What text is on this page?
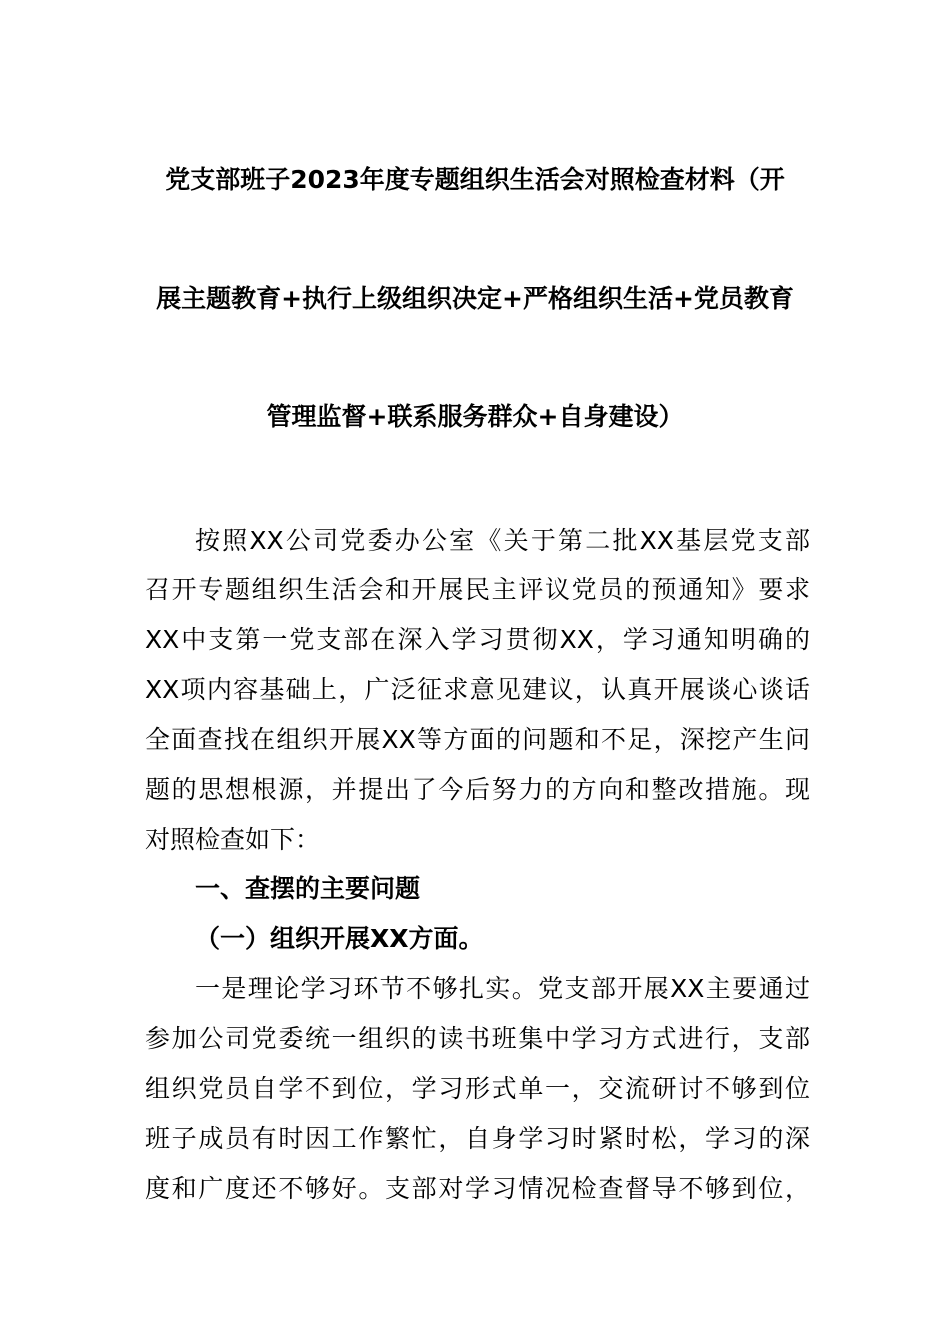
党支部班子2023年度专题组织生活会对照检查材料（开
展主题教育+执行上级组织决定+严格组织生活+党员教育
管理监督+联系服务群众+自身建设）
按照XX公司党委办公室《关于第二批XX基层党支部
召开专题组织生活会和开展民主评议党员的预通知》要求
XX中支第一党支部在深入学习贯彻XX，学习通知明确的
XX项内容基础上，广泛征求意见建议，认真开展谈心谈话
全面查找在组织开展XX等方面的问题和不足，深挖产生问
题的思想根源，并提出了今后努力的方向和整改措施。现
对照检查如下：
一、查摆的主要问题
（一）组织开展XX方面。
一是理论学习环节不够扎实。党支部开展XX主要通过
参加公司党委统一组织的读书班集中学习方式进行，支部
组织党员自学不到位，学习形式单一，交流研讨不够到位
班子成员有时因工作繁忙，自身学习时紧时松，学习的深
度和广度还不够好。支部对学习情况检查督导不够到位，
